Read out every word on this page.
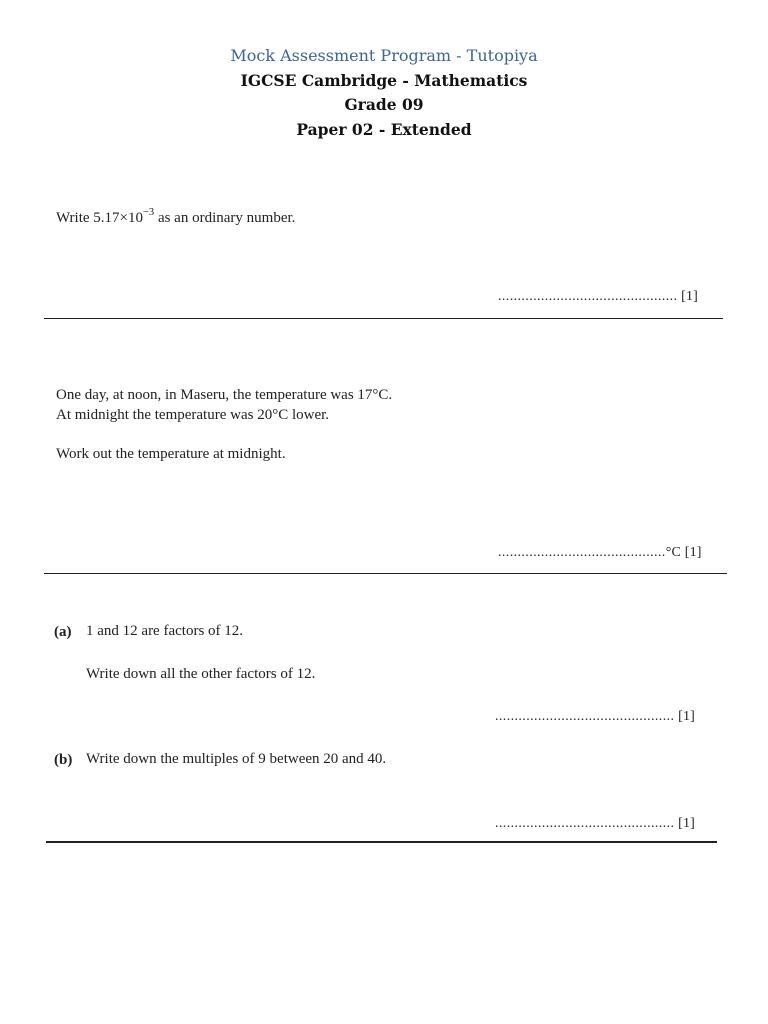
Mock Assessment Program - Tutopiya
IGCSE Cambridge - Mathematics
Grade 09
Paper 02 - Extended
Write $5.17\times 10^{-3}$ as an ordinary number.
.............................................. [1]
One day, at noon, in Maseru, the temperature was 17°C.
At midnight the temperature was 20°C lower.
Work out the temperature at midnight.
...........................................°C [1]
(a) 1 and 12 are factors of 12.
Write down all the other factors of 12.
.............................................. [1]
(b) Write down the multiples of 9 between 20 and 40.
.............................................. [1]
